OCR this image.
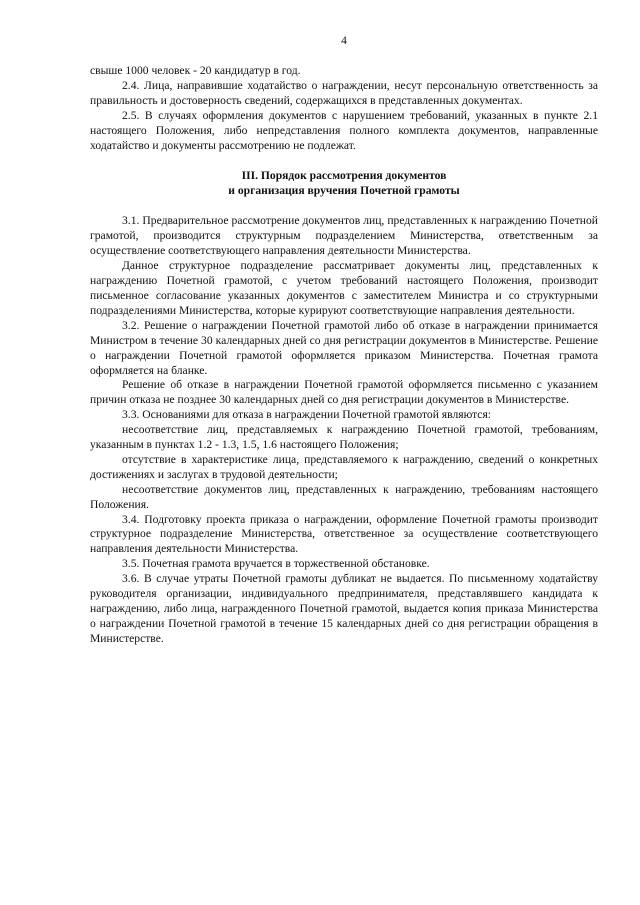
4

свыше 1000 человек - 20 кандидатур в год.

2.4. Лица, направившие ходатайство о награждении, несут персональную ответственность за правильность и достоверность сведений, содержащихся в представленных документах.

2.5. В случаях оформления документов с нарушением требований, указанных в пункте 2.1 настоящего Положения, либо непредставления полного комплекта документов, направленные ходатайство и документы рассмотрению не подлежат.

III. Порядок рассмотрения документов
и организация вручения Почетной грамоты

3.1. Предварительное рассмотрение документов лиц, представленных к награждению Почетной грамотой, производится структурным подразделением Министерства, ответственным за осуществление соответствующего направления деятельности Министерства.

Данное структурное подразделение рассматривает документы лиц, представленных к награждению Почетной грамотой, с учетом требований настоящего Положения, производит письменное согласование указанных документов с заместителем Министра и со структурными подразделениями Министерства, которые курируют соответствующие направления деятельности.

3.2. Решение о награждении Почетной грамотой либо об отказе в награждении принимается Министром в течение 30 календарных дней со дня регистрации документов в Министерстве. Решение о награждении Почетной грамотой оформляется приказом Министерства. Почетная грамота оформляется на бланке.

Решение об отказе в награждении Почетной грамотой оформляется письменно с указанием причин отказа не позднее 30 календарных дней со дня регистрации документов в Министерстве.

3.3. Основаниями для отказа в награждении Почетной грамотой являются:

несоответствие лиц, представляемых к награждению Почетной грамотой, требованиям, указанным в пунктах 1.2 - 1.3, 1.5, 1.6 настоящего Положения;

отсутствие в характеристике лица, представляемого к награждению, сведений о конкретных достижениях и заслугах в трудовой деятельности;

несоответствие документов лиц, представленных к награждению, требованиям настоящего Положения.

3.4. Подготовку проекта приказа о награждении, оформление Почетной грамоты производит структурное подразделение Министерства, ответственное за осуществление соответствующего направления деятельности Министерства.

3.5. Почетная грамота вручается в торжественной обстановке.

3.6. В случае утраты Почетной грамоты дубликат не выдается. По письменному ходатайству руководителя организации, индивидуального предпринимателя, представлявшего кандидата к награждению, либо лица, награжденного Почетной грамотой, выдается копия приказа Министерства о награждении Почетной грамотой в течение 15 календарных дней со дня регистрации обращения в Министерстве.
